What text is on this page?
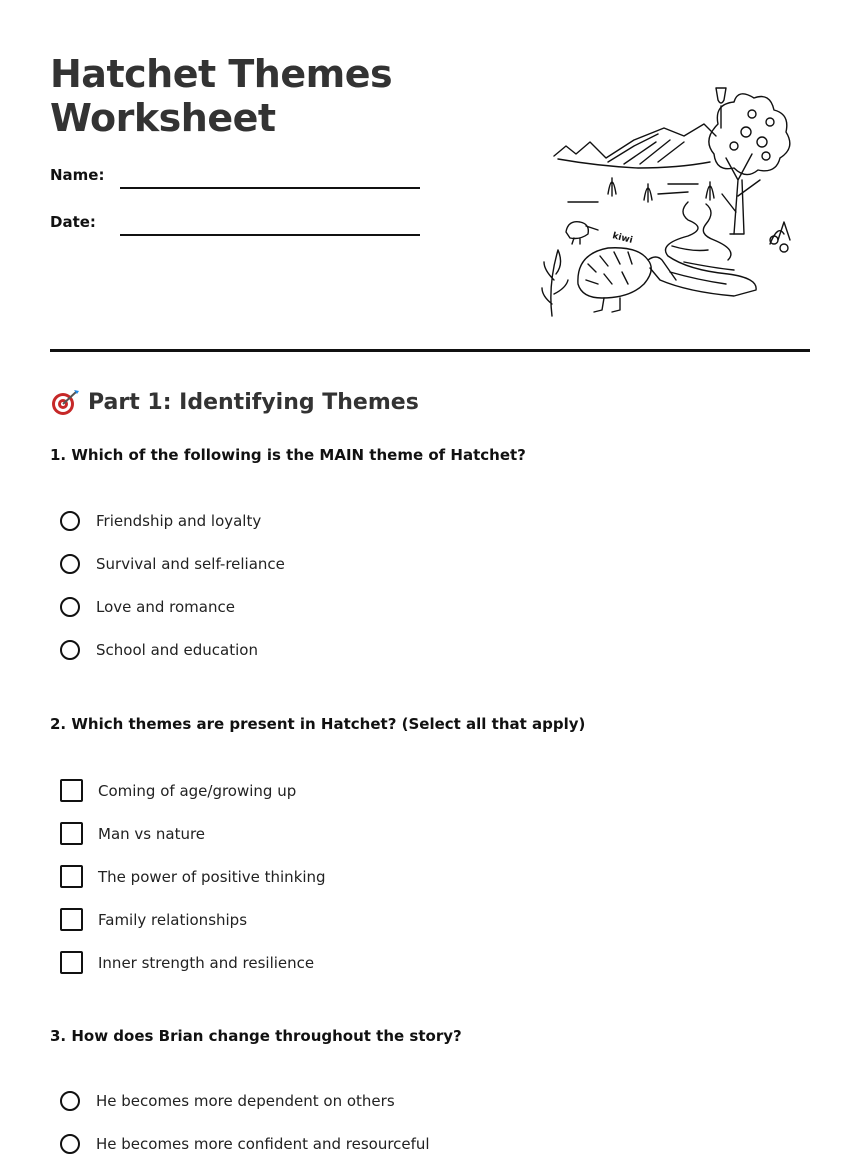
Hatchet Themes
Worksheet
Name:
Date:
kiwi
Part 1: Identifying Themes
1. Which of the following is the MAIN theme of Hatchet?
Friendship and loyalty
Survival and self-reliance
Love and romance
School and education
2. Which themes are present in Hatchet? (Select all that apply)
Coming of age/growing up
Man vs nature
The power of positive thinking
Family relationships
Inner strength and resilience
3. How does Brian change throughout the story?
He becomes more dependent on others
He becomes more confident and resourceful
